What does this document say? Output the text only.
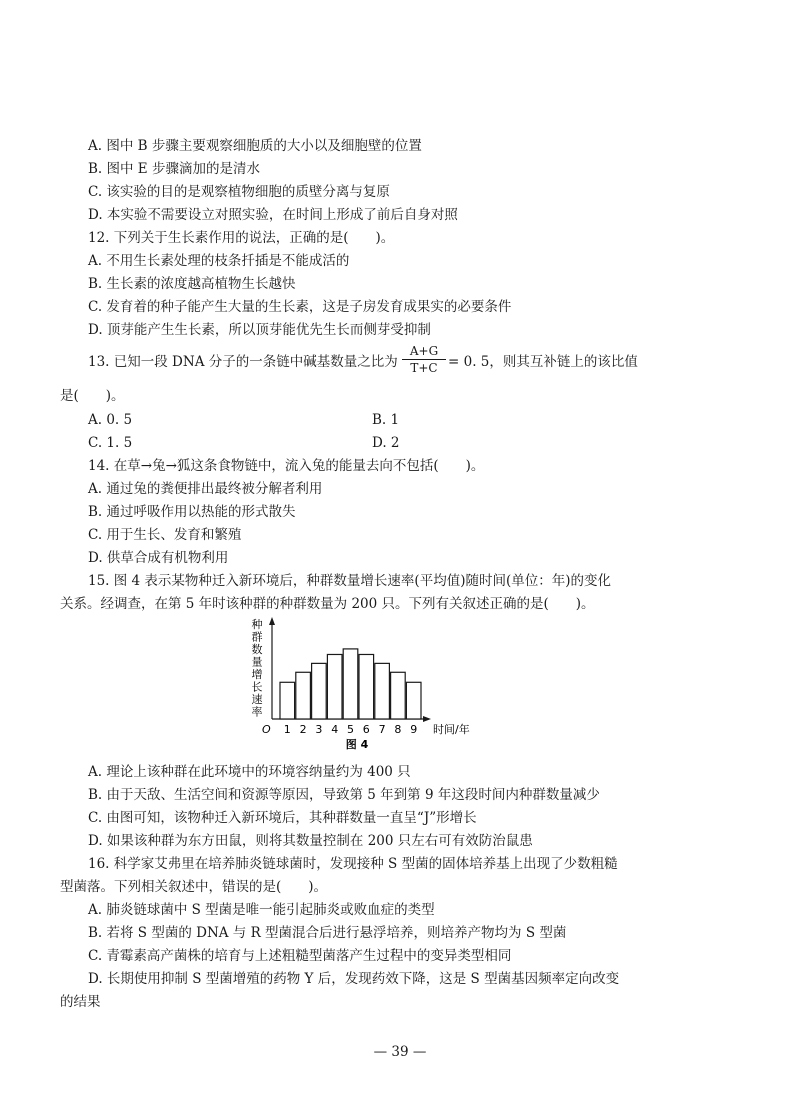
A. 图中 B 步骤主要观察细胞质的大小以及细胞壁的位置
B. 图中 E 步骤滴加的是清水
C. 该实验的目的是观察植物细胞的质壁分离与复原
D. 本实验不需要设立对照实验，在时间上形成了前后自身对照
12. 下列关于生长素作用的说法，正确的是(　　)。
A. 不用生长素处理的枝条扦插是不能成活的
B. 生长素的浓度越高植物生长越快
C. 发育着的种子能产生大量的生长素，这是子房发育成果实的必要条件
D. 顶芽能产生生长素，所以顶芽能优先生长而侧芽受抑制
13. 已知一段 DNA 分子的一条链中碱基数量之比为 $\frac{A+G}{T+C} = 0$. 5，则其互补链上的该比值
是(　　)。
A. 0. 5	B. 1
C. 1. 5	D. 2
14. 在草→兔→狐这条食物链中，流入兔的能量去向不包括(　　)。
A. 通过兔的粪便排出最终被分解者利用
B. 通过呼吸作用以热能的形式散失
C. 用于生长、发育和繁殖
D. 供草合成有机物利用
15. 图 4 表示某物种迁入新环境后，种群数量增长速率(平均值)随时间(单位：年)的变化
关系。经调查，在第 5 年时该种群的种群数量为 200 只。下列有关叙述正确的是(　　)。
种
群
数
量
增
长
速
率
1 2 3 4 5 6 7 8 9
O	时间/年
图 4
A. 理论上该种群在此环境中的环境容纳量约为 400 只
B. 由于天敌、生活空间和资源等原因，导致第 5 年到第 9 年这段时间内种群数量减少
C. 由图可知，该物种迁入新环境后，其种群数量一直呈“J”形增长
D. 如果该种群为东方田鼠，则将其数量控制在 200 只左右可有效防治鼠患
16. 科学家艾弗里在培养肺炎链球菌时，发现接种 S 型菌的固体培养基上出现了少数粗糙
型菌落。下列相关叙述中，错误的是(　　)。
A. 肺炎链球菌中 S 型菌是唯一能引起肺炎或败血症的类型
B. 若将 S 型菌的 DNA 与 R 型菌混合后进行悬浮培养，则培养产物均为 S 型菌
C. 青霉素高产菌株的培育与上述粗糙型菌落产生过程中的变异类型相同
D. 长期使用抑制 S 型菌增殖的药物 Y 后，发现药效下降，这是 S 型菌基因频率定向改变
的结果
— 39 —
